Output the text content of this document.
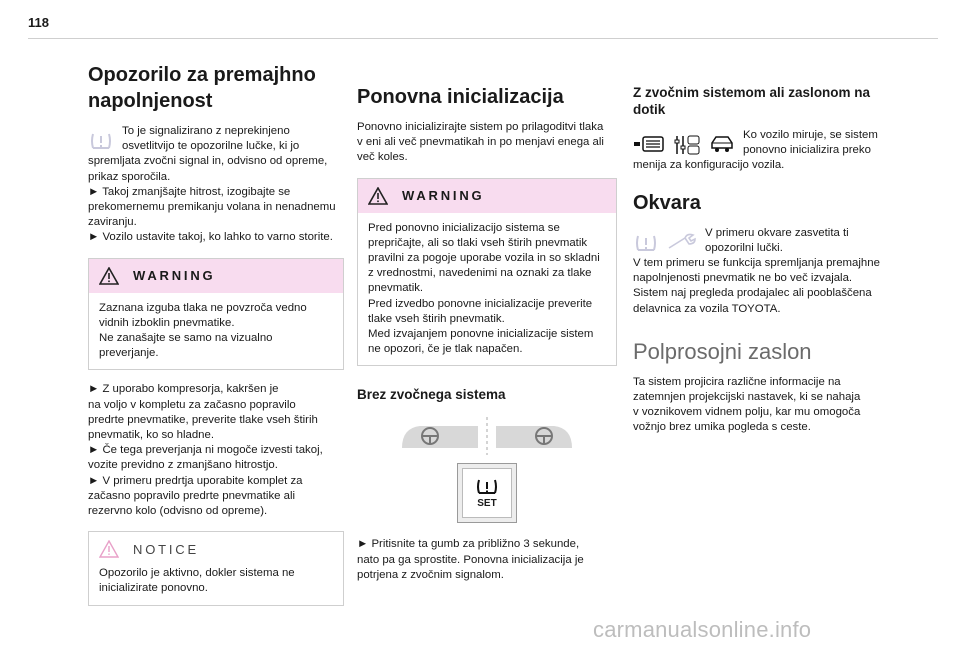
118
Opozorilo za premajhno
napolnjenost

To je signalizirano z neprekinjeno
osvetlitvijo te opozorilne lučke, ki jo
spremljata zvočni signal in, odvisno od opreme,
prikaz sporočila.

► Takoj zmanjšajte hitrost, izogibajte se
prekomernemu premikanju volana in nenadnemu
zaviranju.
► Vozilo ustavite takoj, ko lahko to varno storite.

WARNING
Zaznana izguba tlaka ne povzroča vedno
vidnih izboklin pnevmatike.
Ne zanašajte se samo na vizualno
preverjanje.

► Z uporabo kompresorja, kakršen je
na voljo v kompletu za začasno popravilo
predrte pnevmatike, preverite tlake vseh štirih
pnevmatik, ko so hladne.
► Če tega preverjanja ni mogoče izvesti takoj,
vozite previdno z zmanjšano hitrostjo.
► V primeru predrtja uporabite komplet za
začasno popravilo predrte pnevmatike ali
rezervno kolo (odvisno od opreme).

NOTICE
Opozorilo je aktivno, dokler sistema ne
inicializirate ponovno.
Ponovna inicializacija

Ponovno inicializirajte sistem po prilagoditvi tlaka
v eni ali več pnevmatikah in po menjavi enega ali
več koles.

WARNING
Pred ponovno inicializacijo sistema se
prepričajte, ali so tlaki vseh štirih pnevmatik
pravilni za pogoje uporabe vozila in so skladni
z vrednostmi, navedenimi na oznaki za tlake
pnevmatik.
Pred izvedbo ponovne inicializacije preverite
tlake vseh štirih pnevmatik.
Med izvajanjem ponovne inicializacije sistem
ne opozori, če je tlak napačen.
Brez zvočnega sistema
SET

► Pritisnite ta gumb za približno 3 sekunde,
nato pa ga sprostite. Ponovna inicializacija je
potrjena z zvočnim signalom.

Z zvočnim sistemom ali zaslonom na
dotik

Ko vozilo miruje, se sistem
ponovno inicializira preko
menija za konfiguracijo vozila.

Okvara

V primeru okvare zasvetita ti
opozorilni lučki.
V tem primeru se funkcija spremljanja premajhne
napolnjenosti pnevmatik ne bo več izvajala.
Sistem naj pregleda prodajalec ali pooblaščena
delavnica za vozila TOYOTA.

Polprosojni zaslon

Ta sistem projicira različne informacije na
zatemnjen projekcijski nastavek, ki se nahaja
v voznikovem vidnem polju, kar mu omogoča
vožnjo brez umika pogleda s ceste.

carmanualsonline.info
